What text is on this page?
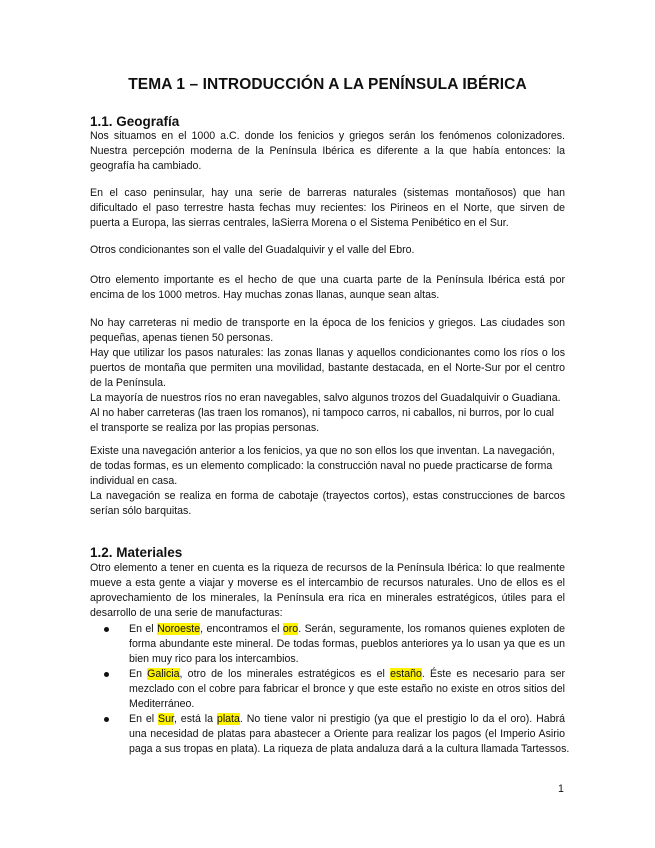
TEMA 1 – INTRODUCCIÓN A LA PENÍNSULA IBÉRICA
1.1. Geografía
Nos situamos en el 1000 a.C. donde los fenicios y griegos serán los fenómenos colonizadores.
Nuestra percepción moderna de la Península Ibérica es diferente a la que había entonces: la
geografía ha cambiado.
En el caso peninsular, hay una serie de barreras naturales (sistemas montañosos) que han
dificultado el paso terrestre hasta fechas muy recientes: los Pirineos en el Norte, que sirven de
puerta a Europa, las sierras centrales, laSierra Morena o el Sistema Penibético en el Sur.
Otros condicionantes son el valle del Guadalquivir y el valle del Ebro.
Otro elemento importante es el hecho de que una cuarta parte de la Península Ibérica está por
encima de los 1000 metros. Hay muchas zonas llanas, aunque sean altas.
No hay carreteras ni medio de transporte en la época de los fenicios y griegos. Las ciudades son
pequeñas, apenas tienen 50 personas.
Hay que utilizar los pasos naturales: las zonas llanas y aquellos condicionantes como los ríos o los
puertos de montaña que permiten una movilidad, bastante destacada, en el Norte-Sur por el centro
de la Península.
La mayoría de nuestros ríos no eran navegables, salvo algunos trozos del Guadalquivir o Guadiana.
Al no haber carreteras (las traen los romanos), ni tampoco carros, ni caballos, ni burros, por lo cual
el transporte se realiza por las propias personas.
Existe una navegación anterior a los fenicios, ya que no son ellos los que inventan. La navegación,
de todas formas, es un elemento complicado: la construcción naval no puede practicarse de forma
individual en casa.
La navegación se realiza en forma de cabotaje (trayectos cortos), estas construcciones de barcos
serían sólo barquitas.
1.2. Materiales
Otro elemento a tener en cuenta es la riqueza de recursos de la Península Ibérica: lo que realmente
mueve a esta gente a viajar y moverse es el intercambio de recursos naturales. Uno de ellos es el
aprovechamiento de los minerales, la Península era rica en minerales estratégicos, útiles para el
desarrollo de una serie de manufacturas:
En el Noroeste, encontramos el oro. Serán, seguramente, los romanos quienes exploten de
forma abundante este mineral. De todas formas, pueblos anteriores ya lo usan ya que es un
bien muy rico para los intercambios.
En Galicia, otro de los minerales estratégicos es el estaño. Éste es necesario para ser
mezclado con el cobre para fabricar el bronce y que este estaño no existe en otros sitios del
Mediterráneo.
En el Sur, está la plata. No tiene valor ni prestigio (ya que el prestigio lo da el oro). Habrá
una necesidad de platas para abastecer a Oriente para realizar los pagos (el Imperio Asirio
paga a sus tropas en plata). La riqueza de plata andaluza dará a la cultura llamada Tartessos.
1
